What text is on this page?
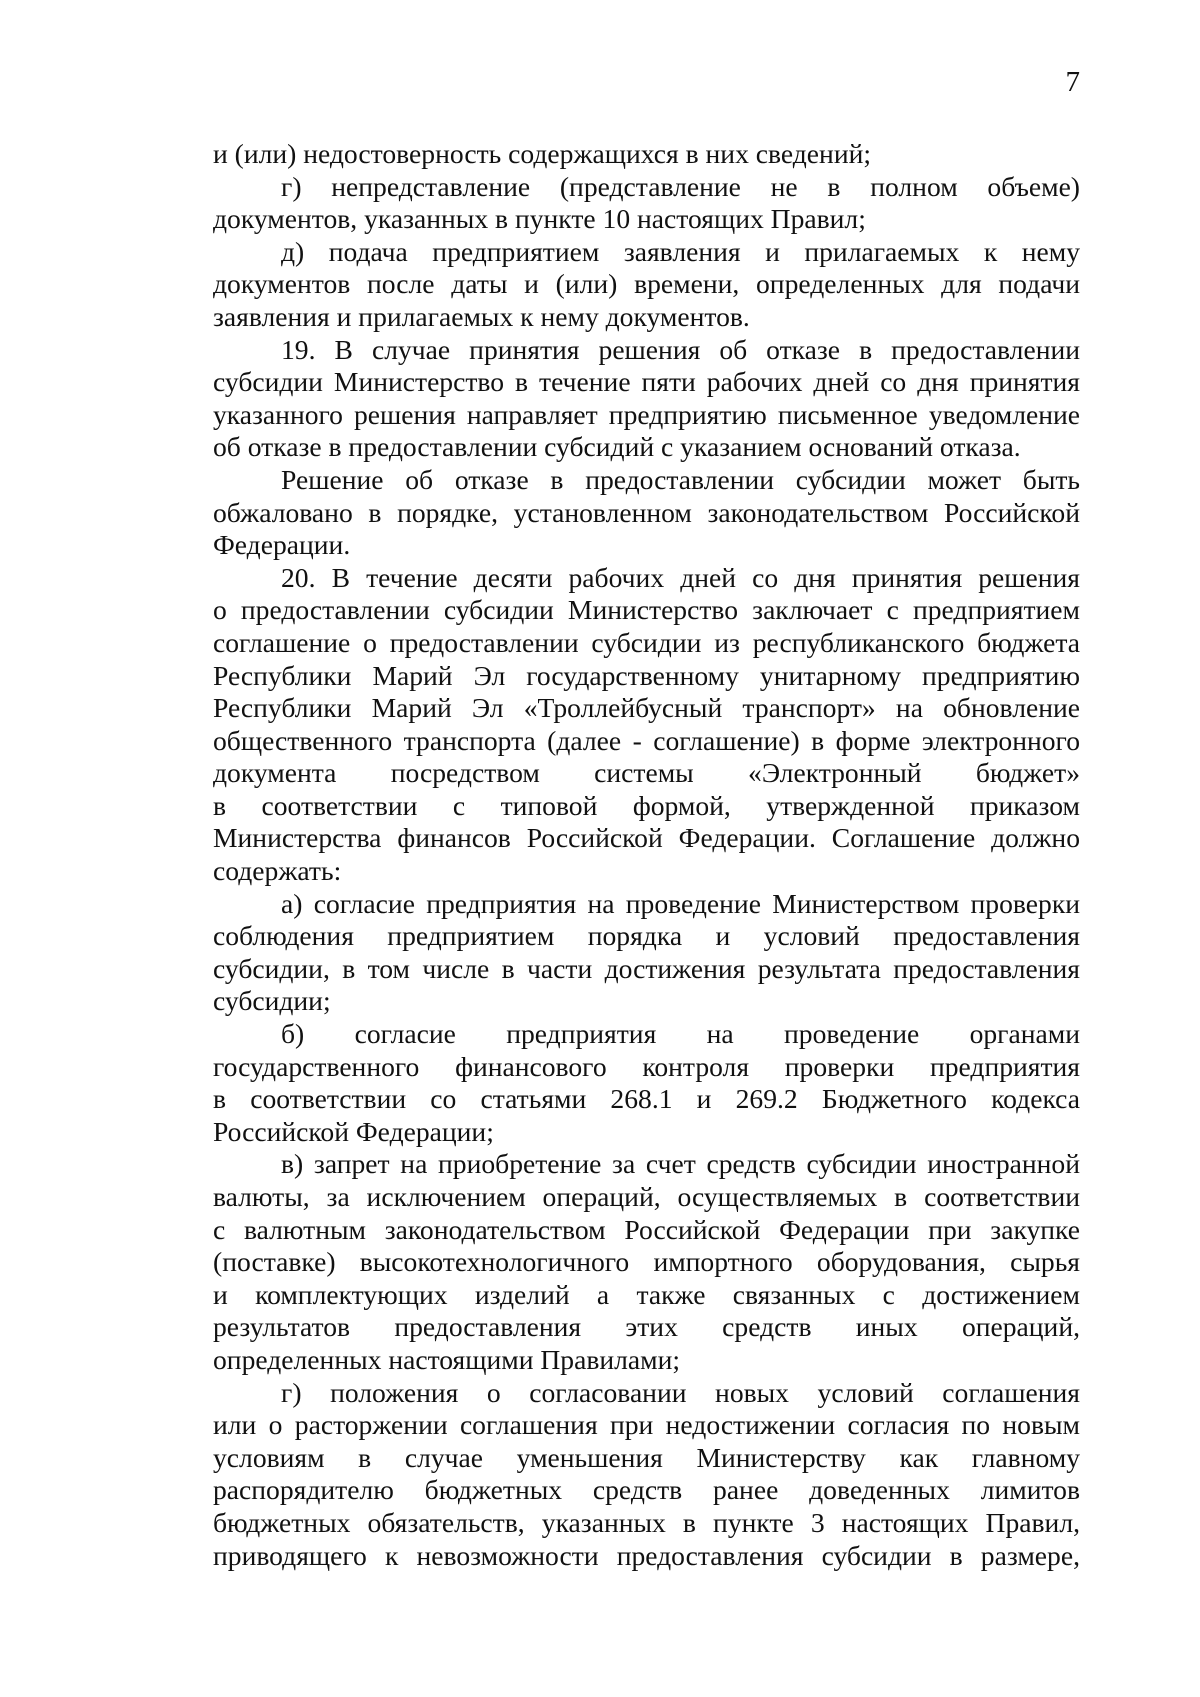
7
и (или) недостоверность содержащихся в них сведений;
г) непредставление (представление не в полном объеме)
документов, указанных в пункте 10 настоящих Правил;
д) подача предприятием заявления и прилагаемых к нему
документов после даты и (или) времени, определенных для подачи
заявления и прилагаемых к нему документов.
19. В случае принятия решения об отказе в предоставлении
субсидии Министерство в течение пяти рабочих дней со дня принятия
указанного решения направляет предприятию письменное уведомление
об отказе в предоставлении субсидий с указанием оснований отказа.
Решение об отказе в предоставлении субсидии может быть
обжаловано в порядке, установленном законодательством Российской
Федерации.
20. В течение десяти рабочих дней со дня принятия решения
о предоставлении субсидии Министерство заключает с предприятием
соглашение о предоставлении субсидии из республиканского бюджета
Республики Марий Эл государственному унитарному предприятию
Республики Марий Эл «Троллейбусный транспорт» на обновление
общественного транспорта (далее - соглашение) в форме электронного
документа посредством системы «Электронный бюджет»
в соответствии с типовой формой, утвержденной приказом
Министерства финансов Российской Федерации. Соглашение должно
содержать:
а) согласие предприятия на проведение Министерством проверки
соблюдения предприятием порядка и условий предоставления
субсидии, в том числе в части достижения результата предоставления
субсидии;
б) согласие предприятия на проведение органами
государственного финансового контроля проверки предприятия
в соответствии со статьями 268.1 и 269.2 Бюджетного кодекса
Российской Федерации;
в) запрет на приобретение за счет средств субсидии иностранной
валюты, за исключением операций, осуществляемых в соответствии
с валютным законодательством Российской Федерации при закупке
(поставке) высокотехнологичного импортного оборудования, сырья
и комплектующих изделий а также связанных с достижением
результатов предоставления этих средств иных операций,
определенных настоящими Правилами;
г) положения о согласовании новых условий соглашения
или о расторжении соглашения при недостижении согласия по новым
условиям в случае уменьшения Министерству как главному
распорядителю бюджетных средств ранее доведенных лимитов
бюджетных обязательств, указанных в пункте 3 настоящих Правил,
приводящего к невозможности предоставления субсидии в размере,
